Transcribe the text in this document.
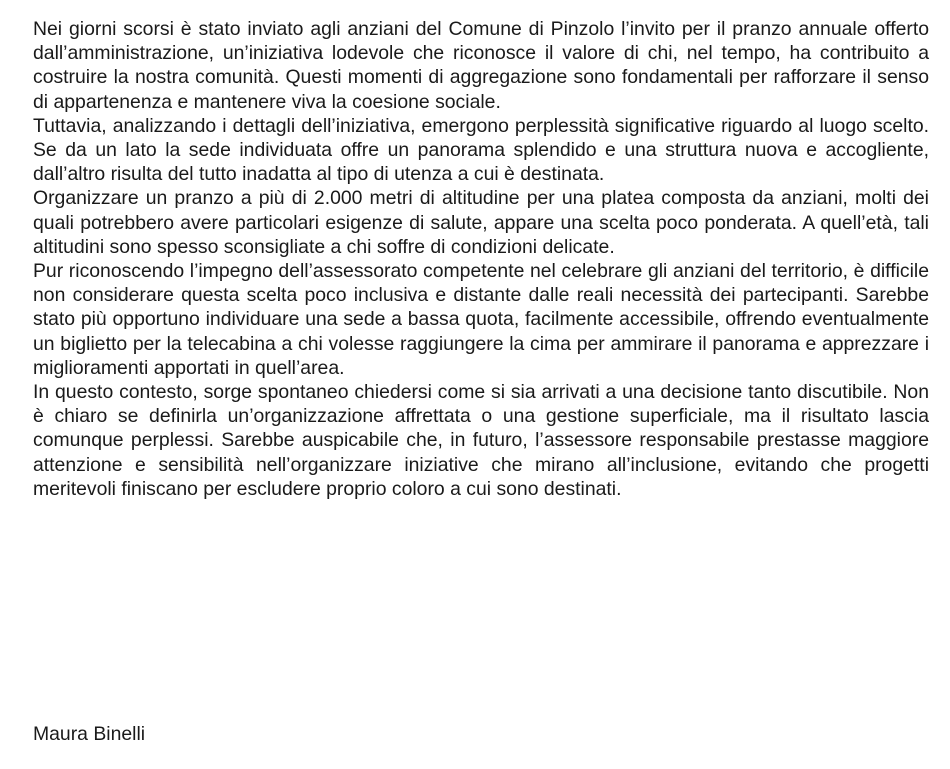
Nei giorni scorsi è stato inviato agli anziani del Comune di Pinzolo l’invito per il pranzo annuale offerto dall’amministrazione, un’iniziativa lodevole che riconosce il valore di chi, nel tempo, ha contribuito a costruire la nostra comunità. Questi momenti di aggregazione sono fondamentali per rafforzare il senso di appartenenza e mantenere viva la coesione sociale.

Tuttavia, analizzando i dettagli dell’iniziativa, emergono perplessità significative riguardo al luogo scelto. Se da un lato la sede individuata offre un panorama splendido e una struttura nuova e accogliente, dall’altro risulta del tutto inadatta al tipo di utenza a cui è destinata.

Organizzare un pranzo a più di 2.000 metri di altitudine per una platea composta da anziani, molti dei quali potrebbero avere particolari esigenze di salute, appare una scelta poco ponderata. A quell’età, tali altitudini sono spesso sconsigliate a chi soffre di condizioni delicate.

Pur riconoscendo l’impegno dell’assessorato competente nel celebrare gli anziani del territorio, è difficile non considerare questa scelta poco inclusiva e distante dalle reali necessità dei partecipanti. Sarebbe stato più opportuno individuare una sede a bassa quota, facilmente accessibile, offrendo eventualmente un biglietto per la telecabina a chi volesse raggiungere la cima per ammirare il panorama e apprezzare i miglioramenti apportati in quell’area.

In questo contesto, sorge spontaneo chiedersi come si sia arrivati a una decisione tanto discutibile. Non è chiaro se definirla un’organizzazione affrettata o una gestione superficiale, ma il risultato lascia comunque perplessi. Sarebbe auspicabile che, in futuro, l’assessore responsabile prestasse maggiore attenzione e sensibilità nell’organizzare iniziative che mirano all’inclusione, evitando che progetti meritevoli finiscano per escludere proprio coloro a cui sono destinati.

Maura Binelli
